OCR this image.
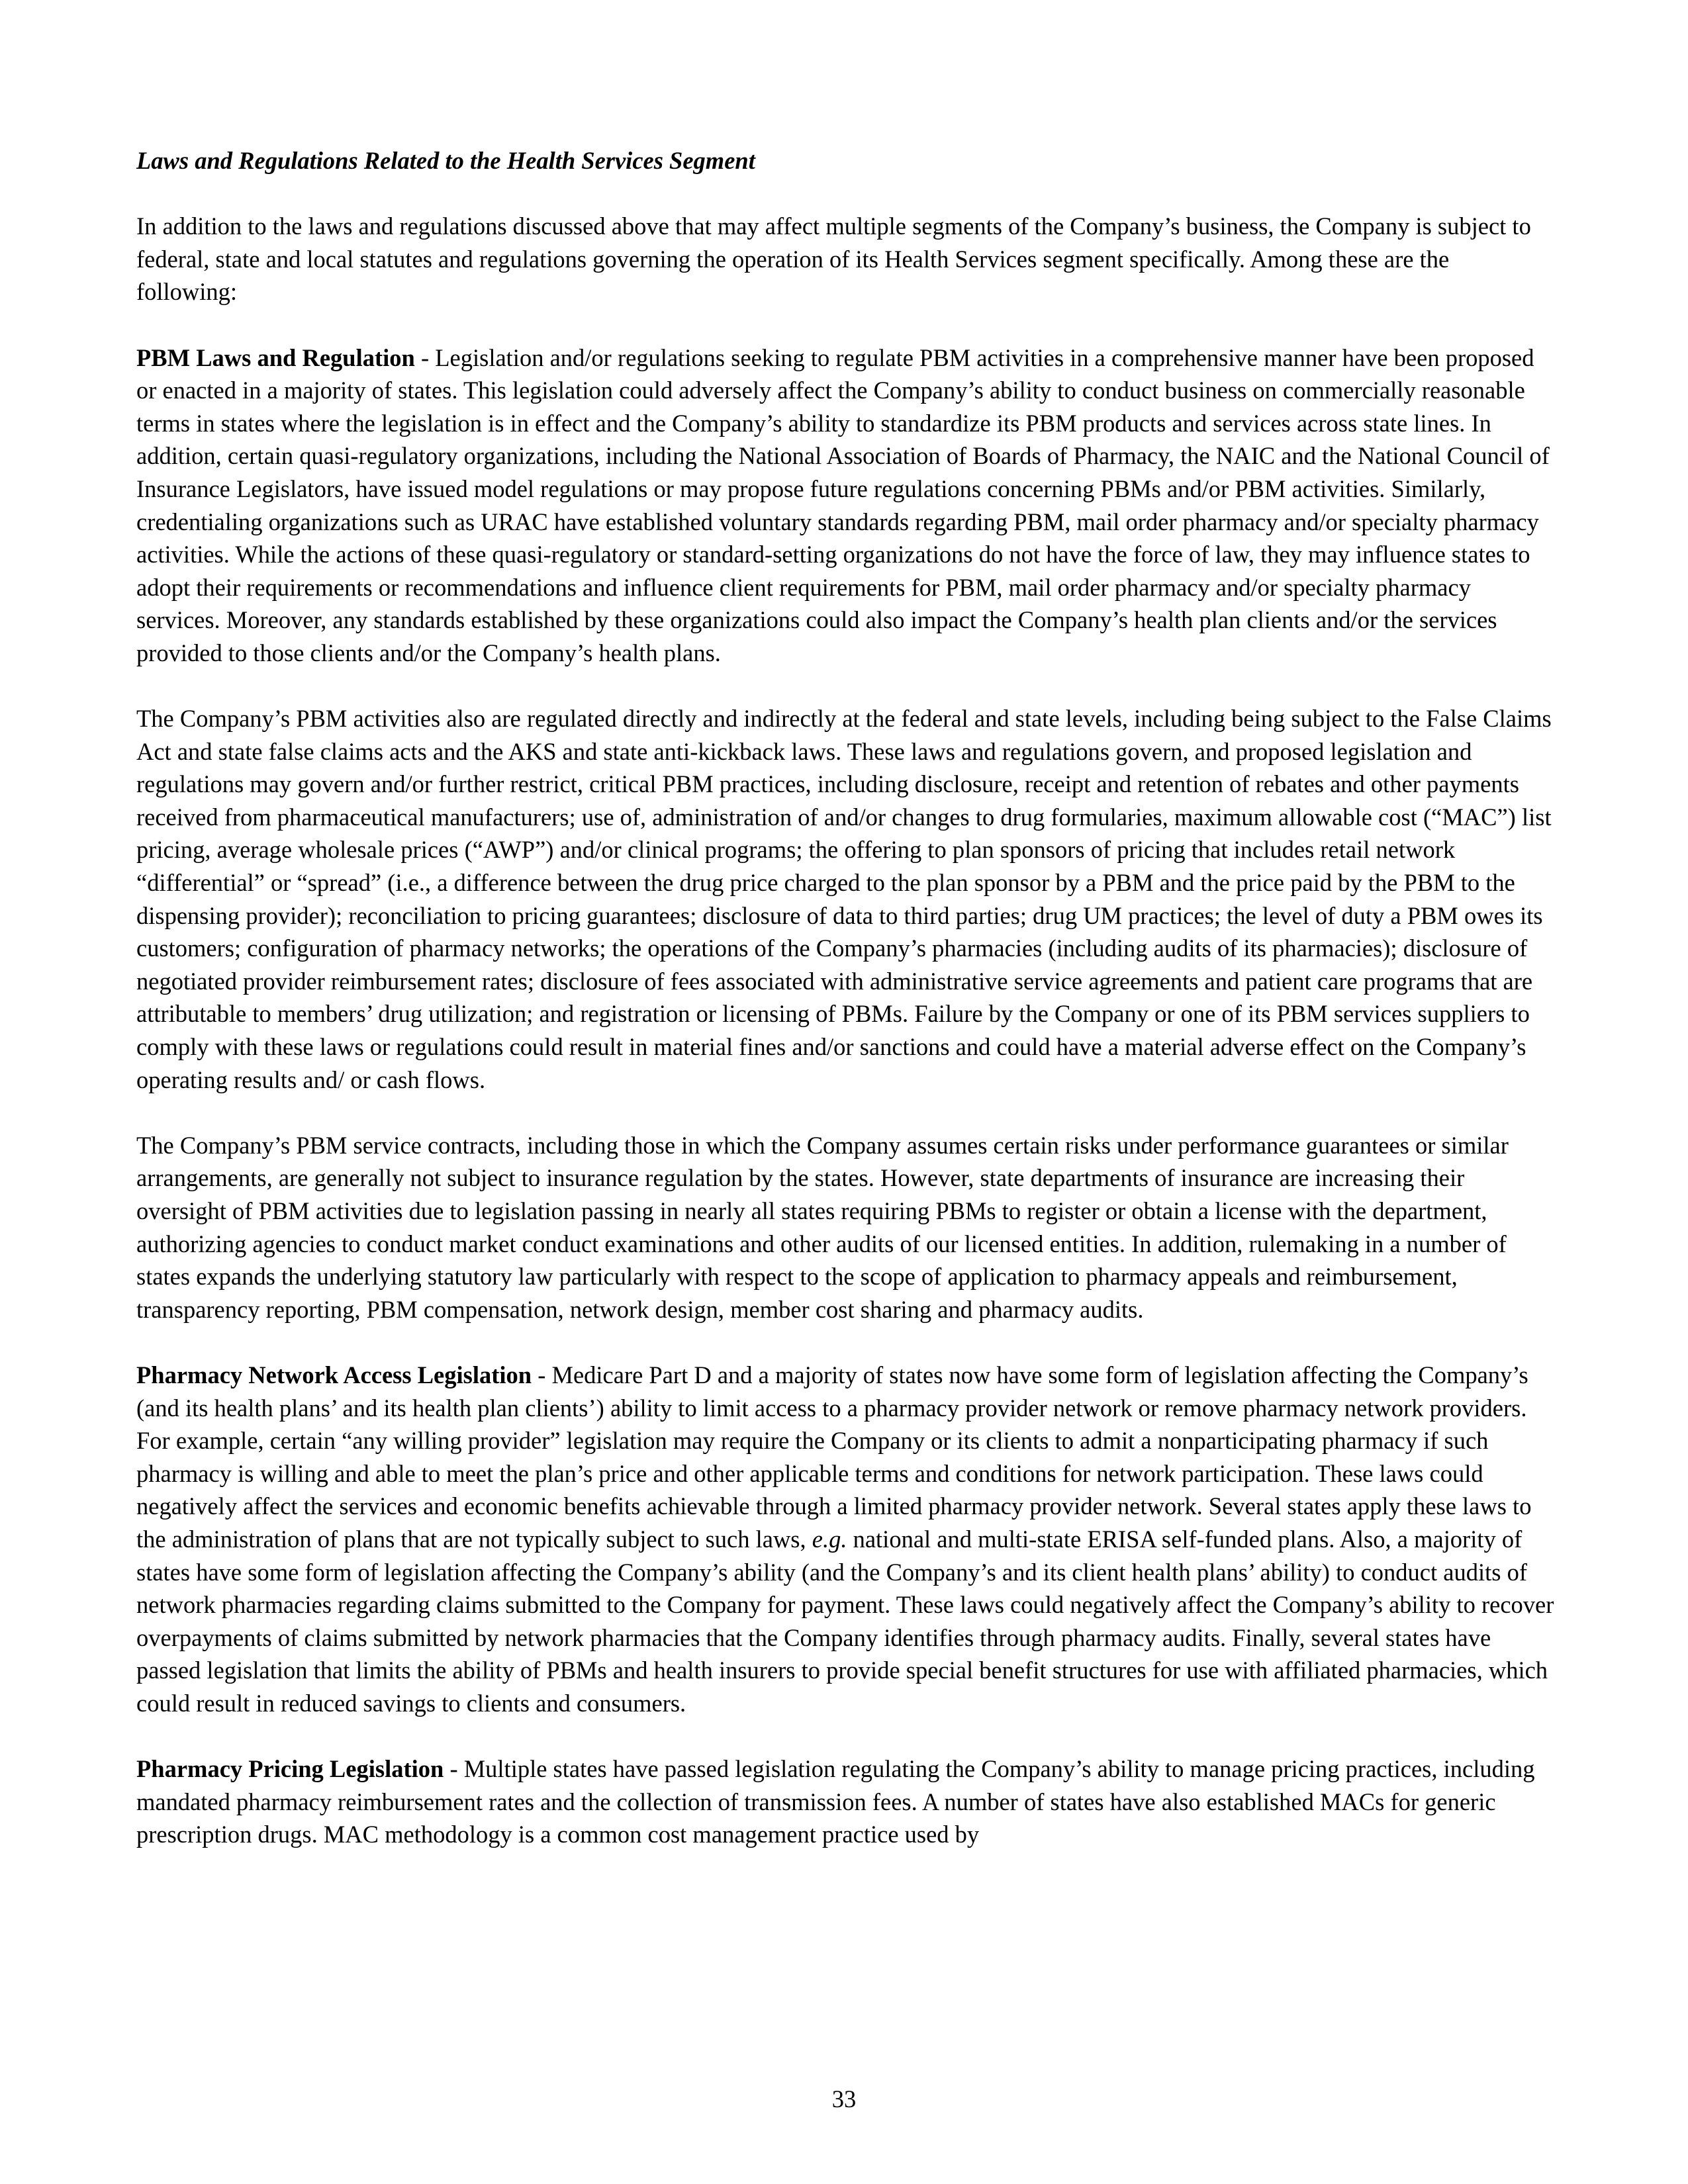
Laws and Regulations Related to the Health Services Segment

In addition to the laws and regulations discussed above that may affect multiple segments of the Company’s business, the Company is subject to federal, state and local statutes and regulations governing the operation of its Health Services segment specifically. Among these are the following:

PBM Laws and Regulation - Legislation and/or regulations seeking to regulate PBM activities in a comprehensive manner have been proposed or enacted in a majority of states. This legislation could adversely affect the Company’s ability to conduct business on commercially reasonable terms in states where the legislation is in effect and the Company’s ability to standardize its PBM products and services across state lines. In addition, certain quasi-regulatory organizations, including the National Association of Boards of Pharmacy, the NAIC and the National Council of Insurance Legislators, have issued model regulations or may propose future regulations concerning PBMs and/or PBM activities. Similarly, credentialing organizations such as URAC have established voluntary standards regarding PBM, mail order pharmacy and/or specialty pharmacy activities. While the actions of these quasi-regulatory or standard-setting organizations do not have the force of law, they may influence states to adopt their requirements or recommendations and influence client requirements for PBM, mail order pharmacy and/or specialty pharmacy services. Moreover, any standards established by these organizations could also impact the Company’s health plan clients and/or the services provided to those clients and/or the Company’s health plans.

The Company’s PBM activities also are regulated directly and indirectly at the federal and state levels, including being subject to the False Claims Act and state false claims acts and the AKS and state anti-kickback laws. These laws and regulations govern, and proposed legislation and regulations may govern and/or further restrict, critical PBM practices, including disclosure, receipt and retention of rebates and other payments received from pharmaceutical manufacturers; use of, administration of and/or changes to drug formularies, maximum allowable cost (“MAC”) list pricing, average wholesale prices (“AWP”) and/or clinical programs; the offering to plan sponsors of pricing that includes retail network “differential” or “spread” (i.e., a difference between the drug price charged to the plan sponsor by a PBM and the price paid by the PBM to the dispensing provider); reconciliation to pricing guarantees; disclosure of data to third parties; drug UM practices; the level of duty a PBM owes its customers; configuration of pharmacy networks; the operations of the Company’s pharmacies (including audits of its pharmacies); disclosure of negotiated provider reimbursement rates; disclosure of fees associated with administrative service agreements and patient care programs that are attributable to members’ drug utilization; and registration or licensing of PBMs. Failure by the Company or one of its PBM services suppliers to comply with these laws or regulations could result in material fines and/or sanctions and could have a material adverse effect on the Company’s operating results and/ or cash flows.

The Company’s PBM service contracts, including those in which the Company assumes certain risks under performance guarantees or similar arrangements, are generally not subject to insurance regulation by the states. However, state departments of insurance are increasing their oversight of PBM activities due to legislation passing in nearly all states requiring PBMs to register or obtain a license with the department, authorizing agencies to conduct market conduct examinations and other audits of our licensed entities. In addition, rulemaking in a number of states expands the underlying statutory law particularly with respect to the scope of application to pharmacy appeals and reimbursement, transparency reporting, PBM compensation, network design, member cost sharing and pharmacy audits.

Pharmacy Network Access Legislation - Medicare Part D and a majority of states now have some form of legislation affecting the Company’s (and its health plans’ and its health plan clients’) ability to limit access to a pharmacy provider network or remove pharmacy network providers. For example, certain “any willing provider” legislation may require the Company or its clients to admit a nonparticipating pharmacy if such pharmacy is willing and able to meet the plan’s price and other applicable terms and conditions for network participation. These laws could negatively affect the services and economic benefits achievable through a limited pharmacy provider network. Several states apply these laws to the administration of plans that are not typically subject to such laws, e.g. national and multi-state ERISA self-funded plans. Also, a majority of states have some form of legislation affecting the Company’s ability (and the Company’s and its client health plans’ ability) to conduct audits of network pharmacies regarding claims submitted to the Company for payment. These laws could negatively affect the Company’s ability to recover overpayments of claims submitted by network pharmacies that the Company identifies through pharmacy audits. Finally, several states have passed legislation that limits the ability of PBMs and health insurers to provide special benefit structures for use with affiliated pharmacies, which could result in reduced savings to clients and consumers.

Pharmacy Pricing Legislation - Multiple states have passed legislation regulating the Company’s ability to manage pricing practices, including mandated pharmacy reimbursement rates and the collection of transmission fees. A number of states have also established MACs for generic prescription drugs. MAC methodology is a common cost management practice used by

33
